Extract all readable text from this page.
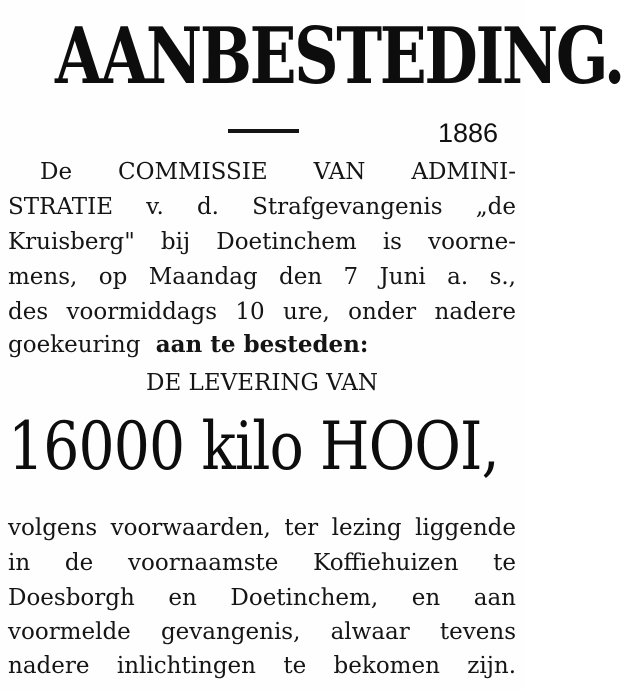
AANBESTEDING.
1886
De COMMISSIE VAN ADMINI-
STRATIE v. d. Strafgevangenis „de
Kruisberg" bij Doetinchem is voorne-
mens, op Maandag den 7 Juni a. s.,
des voormiddags 10 ure, onder nadere
goekeuring aan te besteden:
DE LEVERING VAN
16000 kilo HOOI,
volgens voorwaarden, ter lezing liggende
in de voornaamste Koffiehuizen te
Doesborgh en Doetinchem, en aan
voormelde gevangenis, alwaar tevens
nadere inlichtingen te bekomen zijn.
